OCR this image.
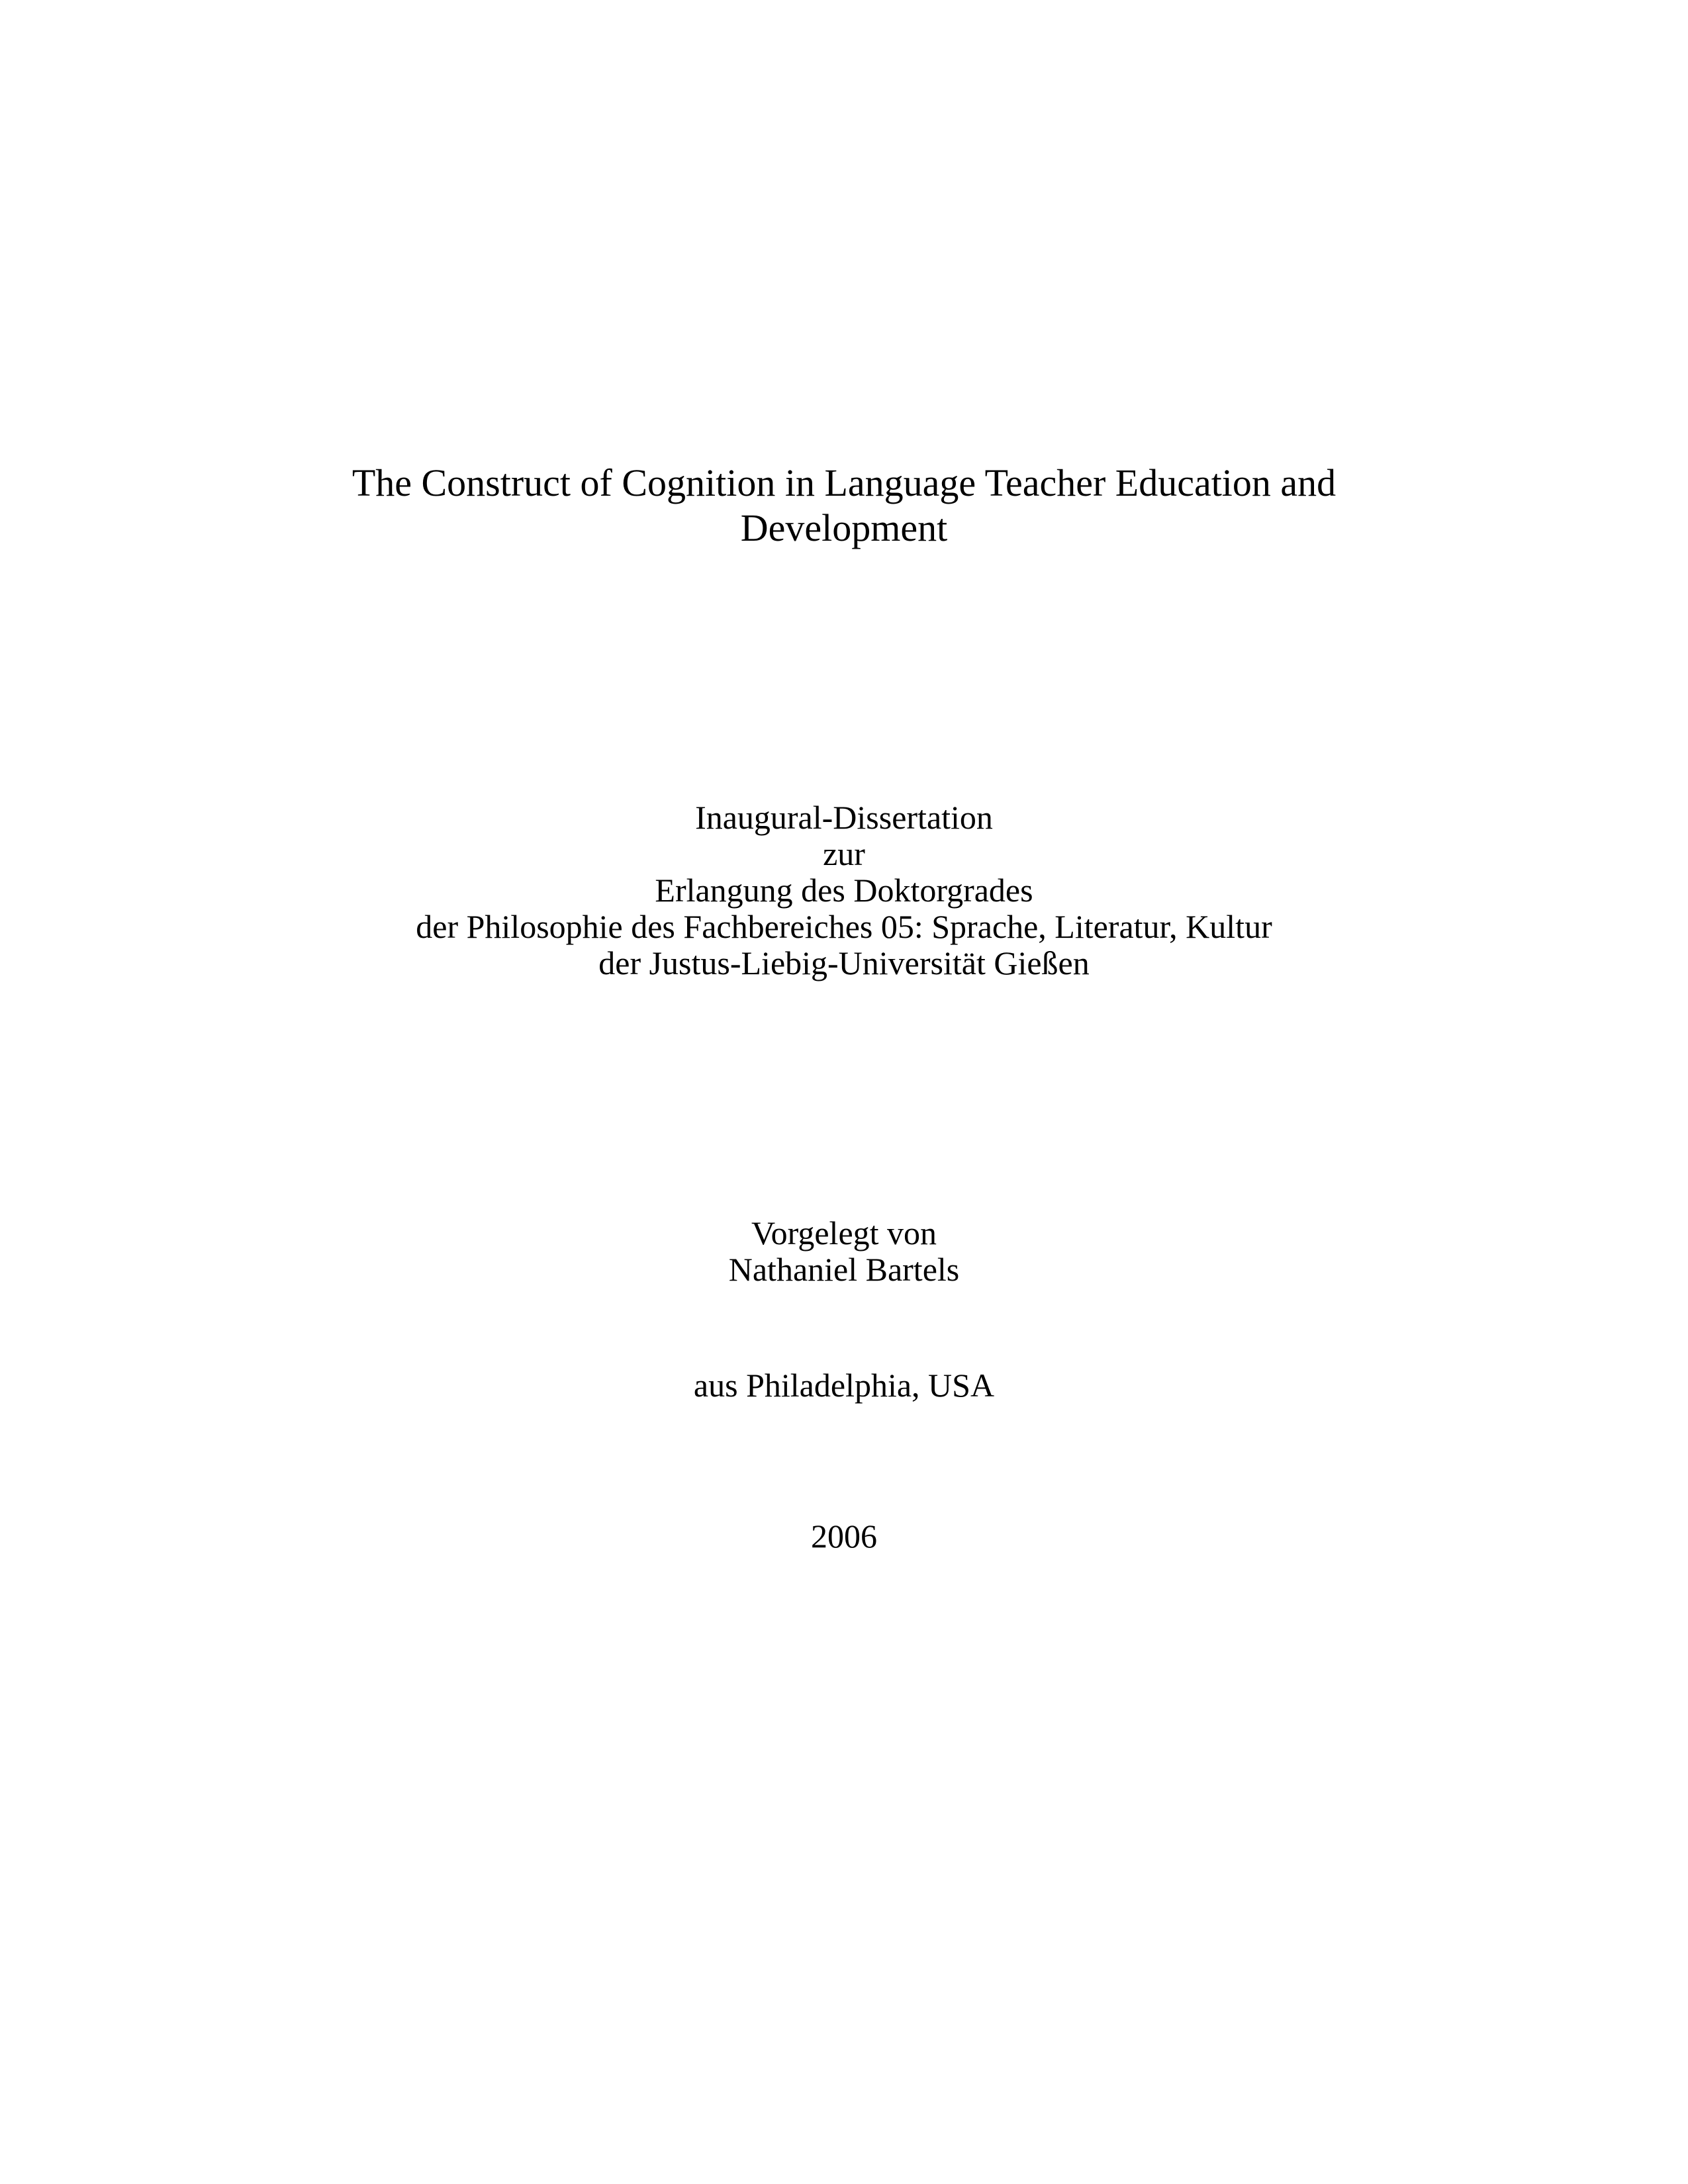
The Construct of Cognition in Language Teacher Education and
Development
Inaugural-Dissertation
zur
Erlangung des Doktorgrades
der Philosophie des Fachbereiches 05: Sprache, Literatur, Kultur
der Justus-Liebig-Universität Gießen
Vorgelegt von
Nathaniel Bartels
aus Philadelphia, USA
2006
